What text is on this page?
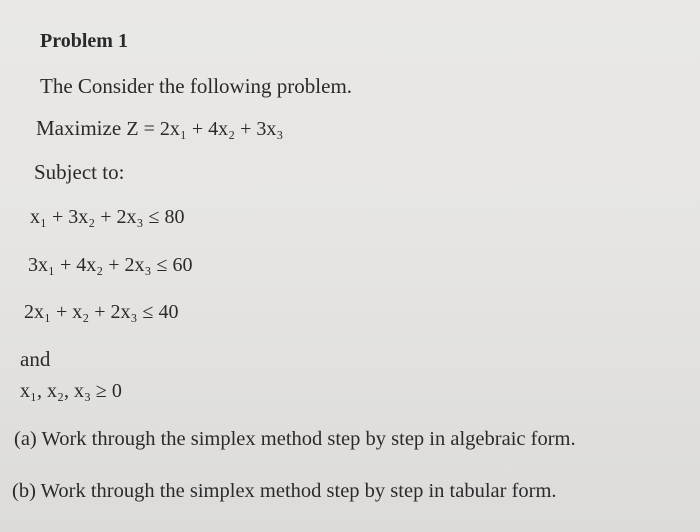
Problem 1
The Consider the following problem.
Maximize Z = 2x₁ + 4x₂ + 3x₃
Subject to:
x₁ + 3x₂ + 2x₃ ≤ 80
3x₁ + 4x₂ + 2x₃ ≤ 60
2x₁ + x₂ + 2x₃ ≤ 40
and
x₁, x₂, x₃ ≥ 0
(a) Work through the simplex method step by step in algebraic form.
(b) Work through the simplex method step by step in tabular form.
